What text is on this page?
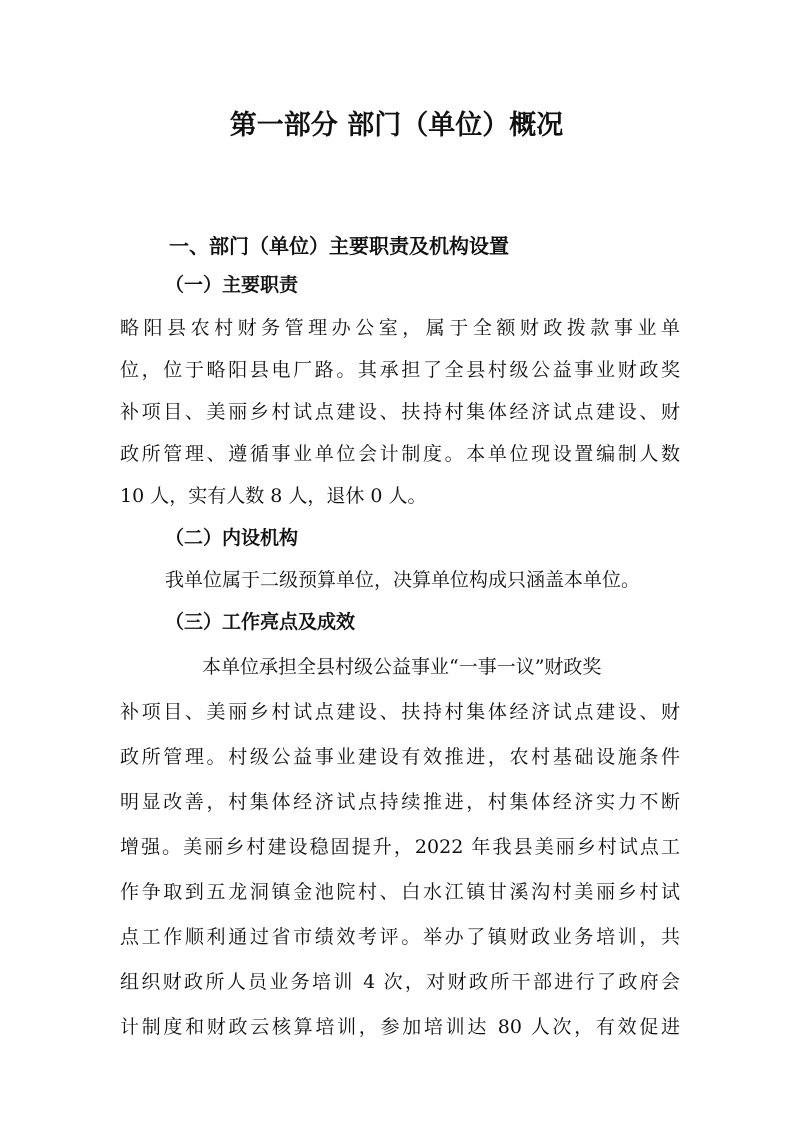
第一部分 部门（单位）概况
一、部门（单位）主要职责及机构设置
（一）主要职责

略阳县农村财务管理办公室，属于全额财政拨款事业单

位，位于略阳县电厂路。其承担了全县村级公益事业财政奖

补项目、美丽乡村试点建设、扶持村集体经济试点建设、财

政所管理、遵循事业单位会计制度。本单位现设置编制人数

10 人，实有人数 8 人，退休 0 人。

（二）内设机构

我单位属于二级预算单位，决算单位构成只涵盖本单位。

（三）工作亮点及成效

本单位承担全县村级公益事业“一事一议”财政奖

补项目、美丽乡村试点建设、扶持村集体经济试点建设、财

政所管理。村级公益事业建设有效推进，农村基础设施条件

明显改善，村集体经济试点持续推进，村集体经济实力不断

增强。美丽乡村建设稳固提升，2022 年我县美丽乡村试点工

作争取到五龙洞镇金池院村、白水江镇甘溪沟村美丽乡村试

点工作顺利通过省市绩效考评。举办了镇财政业务培训，共

组织财政所人员业务培训 4 次，对财政所干部进行了政府会

计制度和财政云核算培训，参加培训达 80 人次，有效促进
